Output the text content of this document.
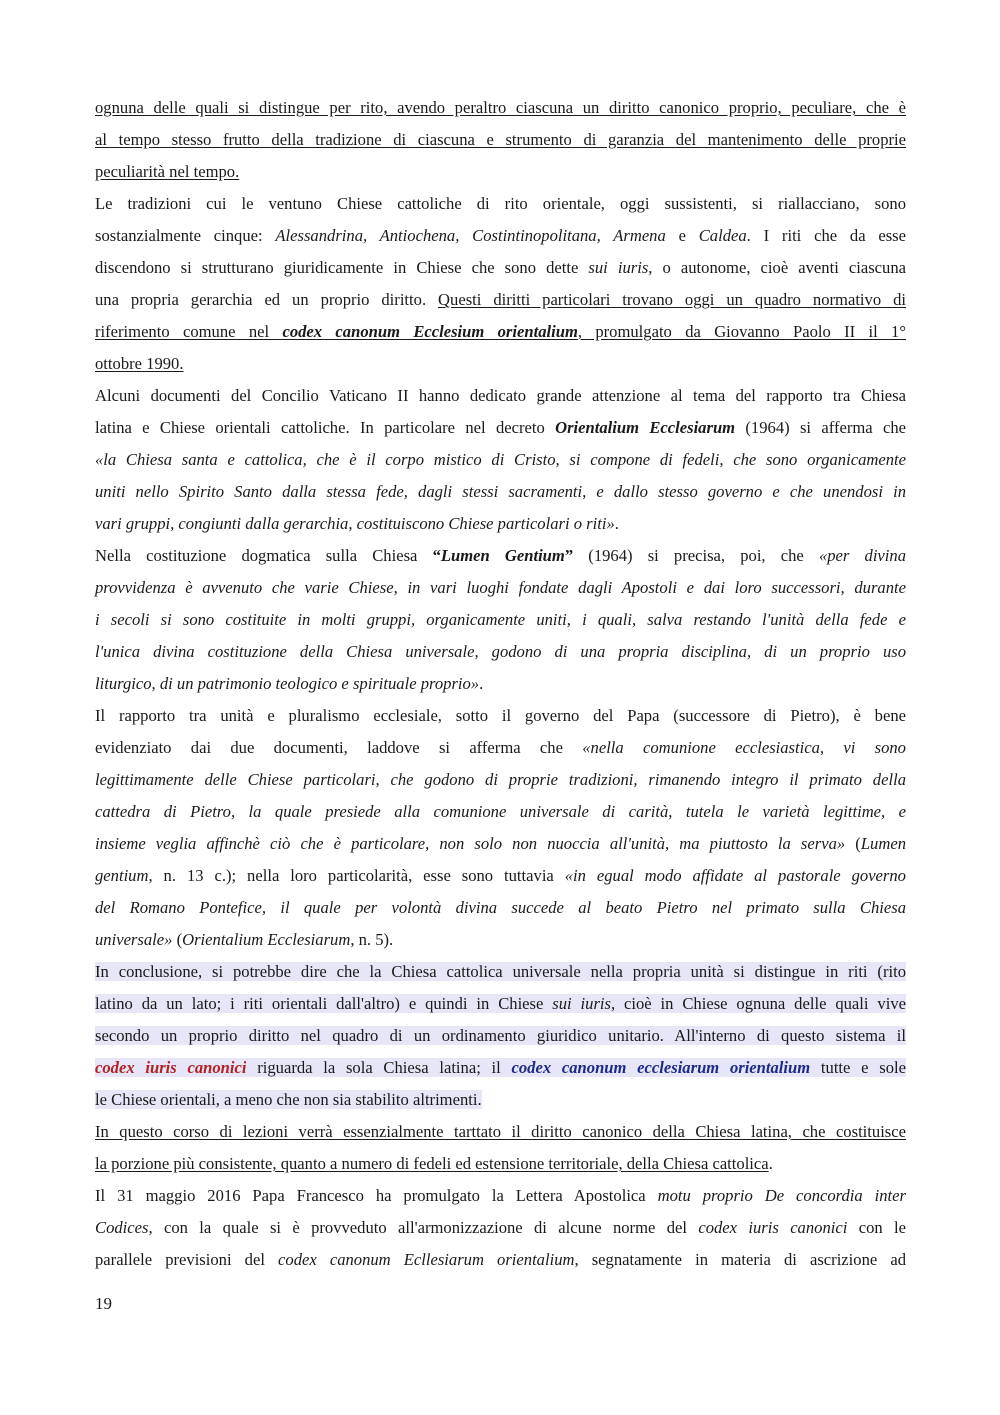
ognuna delle quali si distingue per rito, avendo peraltro ciascuna un diritto canonico proprio, peculiare, che è
al tempo stesso frutto della tradizione di ciascuna e strumento di garanzia del mantenimento delle proprie
peculiarità nel tempo.
Le tradizioni cui le ventuno Chiese cattoliche di rito orientale, oggi sussistenti, si riallacciano, sono
sostanzialmente cinque: Alessandrina, Antiochena, Costintinopolitana, Armena e Caldea. I riti che da esse
discendono si strutturano giuridicamente in Chiese che sono dette sui iuris, o autonome, cioè aventi ciascuna
una propria gerarchia ed un proprio diritto. Questi diritti particolari trovano oggi un quadro normativo di
riferimento comune nel codex canonum Ecclesium orientalium, promulgato da Giovanno Paolo II il 1°
ottobre 1990.
Alcuni documenti del Concilio Vaticano II hanno dedicato grande attenzione al tema del rapporto tra Chiesa
latina e Chiese orientali cattoliche. In particolare nel decreto Orientalium Ecclesiarum (1964) si afferma che
«la Chiesa santa e cattolica, che è il corpo mistico di Cristo, si compone di fedeli, che sono organicamente
uniti nello Spirito Santo dalla stessa fede, dagli stessi sacramenti, e dallo stesso governo e che unendosi in
vari gruppi, congiunti dalla gerarchia, costituiscono Chiese particolari o riti».
Nella costituzione dogmatica sulla Chiesa “Lumen Gentium” (1964) si precisa, poi, che «per divina
provvidenza è avvenuto che varie Chiese, in vari luoghi fondate dagli Apostoli e dai loro successori, durante
i secoli si sono costituite in molti gruppi, organicamente uniti, i quali, salva restando l'unità della fede e
l'unica divina costituzione della Chiesa universale, godono di una propria disciplina, di un proprio uso
liturgico, di un patrimonio teologico e spirituale proprio».
Il rapporto tra unità e pluralismo ecclesiale, sotto il governo del Papa (successore di Pietro), è bene
evidenziato dai due documenti, laddove si afferma che «nella comunione ecclesiastica, vi sono
legittimamente delle Chiese particolari, che godono di proprie tradizioni, rimanendo integro il primato della
cattedra di Pietro, la quale presiede alla comunione universale di carità, tutela le varietà legittime, e
insieme veglia affinchè ciò che è particolare, non solo non nuoccia all'unità, ma piuttosto la serva» (Lumen
gentium, n. 13 c.); nella loro particolarità, esse sono tuttavia «in egual modo affidate al pastorale governo
del Romano Pontefice, il quale per volontà divina succede al beato Pietro nel primato sulla Chiesa
universale» (Orientalium Ecclesiarum, n. 5).
In conclusione, si potrebbe dire che la Chiesa cattolica universale nella propria unità si distingue in riti (rito
latino da un lato; i riti orientali dall'altro) e quindi in Chiese sui iuris, cioè in Chiese ognuna delle quali vive
secondo un proprio diritto nel quadro di un ordinamento giuridico unitario. All'interno di questo sistema il
codex iuris canonici riguarda la sola Chiesa latina; il codex canonum ecclesiarum orientalium tutte e sole
le Chiese orientali, a meno che non sia stabilito altrimenti.
In questo corso di lezioni verrà essenzialmente tarttato il diritto canonico della Chiesa latina, che costituisce
la porzione più consistente, quanto a numero di fedeli ed estensione territoriale, della Chiesa cattolica.
Il 31 maggio 2016 Papa Francesco ha promulgato la Lettera Apostolica motu proprio De concordia inter
Codices, con la quale si è provveduto all'armonizzazione di alcune norme del codex iuris canonici con le
parallele previsioni del codex canonum Ecllesiarum orientalium, segnatamente in materia di ascrizione ad
19
